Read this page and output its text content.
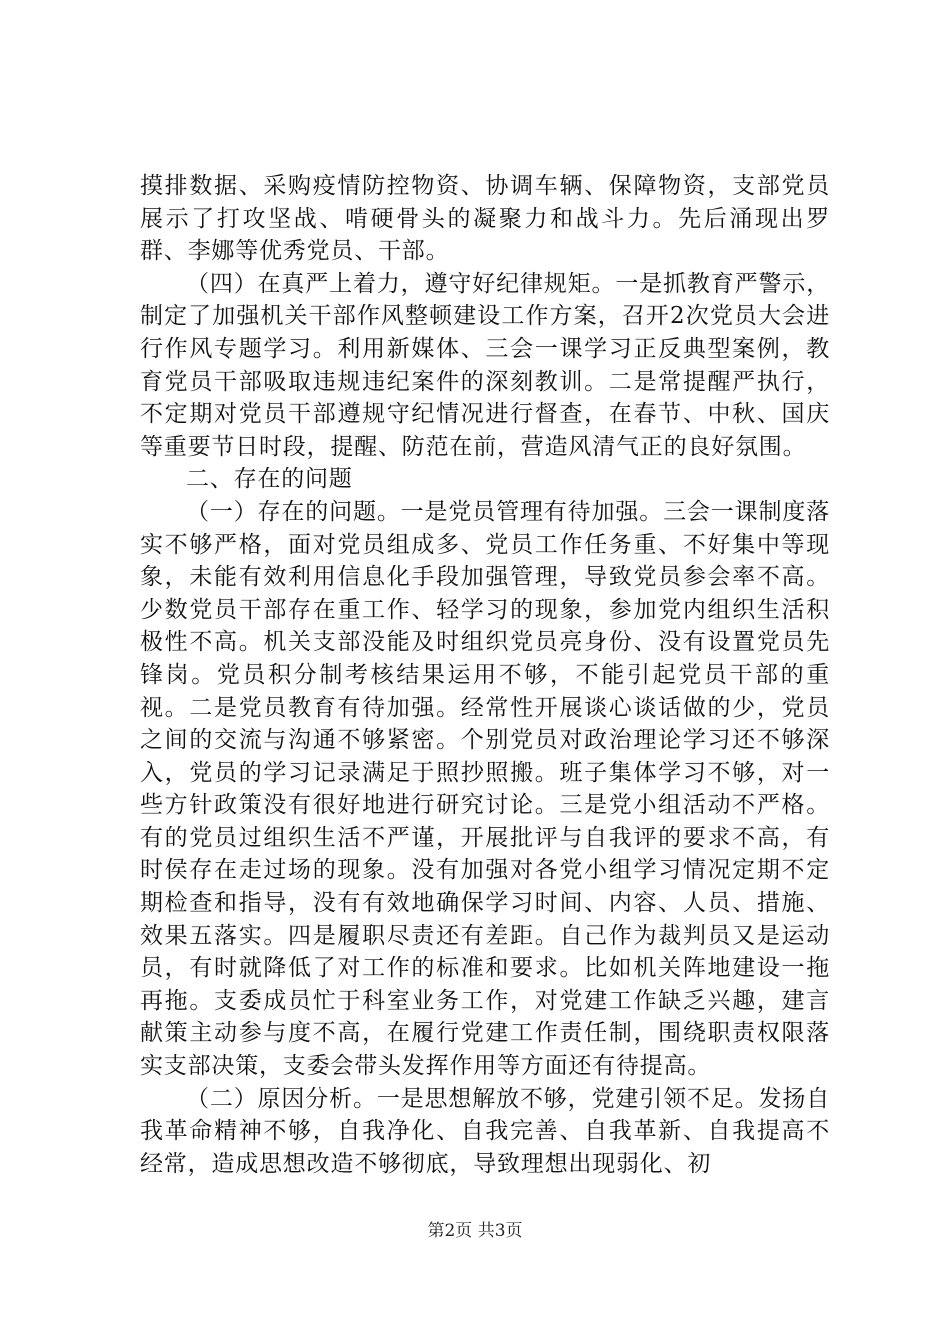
摸排数据、采购疫情防控物资、协调车辆、保障物资，支部党员展示了打攻坚战、啃硬骨头的凝聚力和战斗力。先后涌现出罗群、李娜等优秀党员、干部。

（四）在真严上着力，遵守好纪律规矩。一是抓教育严警示，制定了加强机关干部作风整顿建设工作方案，召开2次党员大会进行作风专题学习。利用新媒体、三会一课学习正反典型案例，教育党员干部吸取违规违纪案件的深刻教训。二是常提醒严执行，不定期对党员干部遵规守纪情况进行督查，在春节、中秋、国庆等重要节日时段，提醒、防范在前，营造风清气正的良好氛围。

二、存在的问题

（一）存在的问题。一是党员管理有待加强。三会一课制度落实不够严格，面对党员组成多、党员工作任务重、不好集中等现象，未能有效利用信息化手段加强管理，导致党员参会率不高。少数党员干部存在重工作、轻学习的现象，参加党内组织生活积极性不高。机关支部没能及时组织党员亮身份、没有设置党员先锋岗。党员积分制考核结果运用不够，不能引起党员干部的重视。二是党员教育有待加强。经常性开展谈心谈话做的少，党员之间的交流与沟通不够紧密。个别党员对政治理论学习还不够深入，党员的学习记录满足于照抄照搬。班子集体学习不够，对一些方针政策没有很好地进行研究讨论。三是党小组活动不严格。有的党员过组织生活不严谨，开展批评与自我评的要求不高，有时侯存在走过场的现象。没有加强对各党小组学习情况定期不定期检查和指导，没有有效地确保学习时间、内容、人员、措施、效果五落实。四是履职尽责还有差距。自己作为裁判员又是运动员，有时就降低了对工作的标准和要求。比如机关阵地建设一拖再拖。支委成员忙于科室业务工作，对党建工作缺乏兴趣，建言献策主动参与度不高，在履行党建工作责任制，围绕职责权限落实支部决策，支委会带头发挥作用等方面还有待提高。

（二）原因分析。一是思想解放不够，党建引领不足。发扬自我革命精神不够，自我净化、自我完善、自我革新、自我提高不经常，造成思想改造不够彻底，导致理想出现弱化、初

第2页 共3页
